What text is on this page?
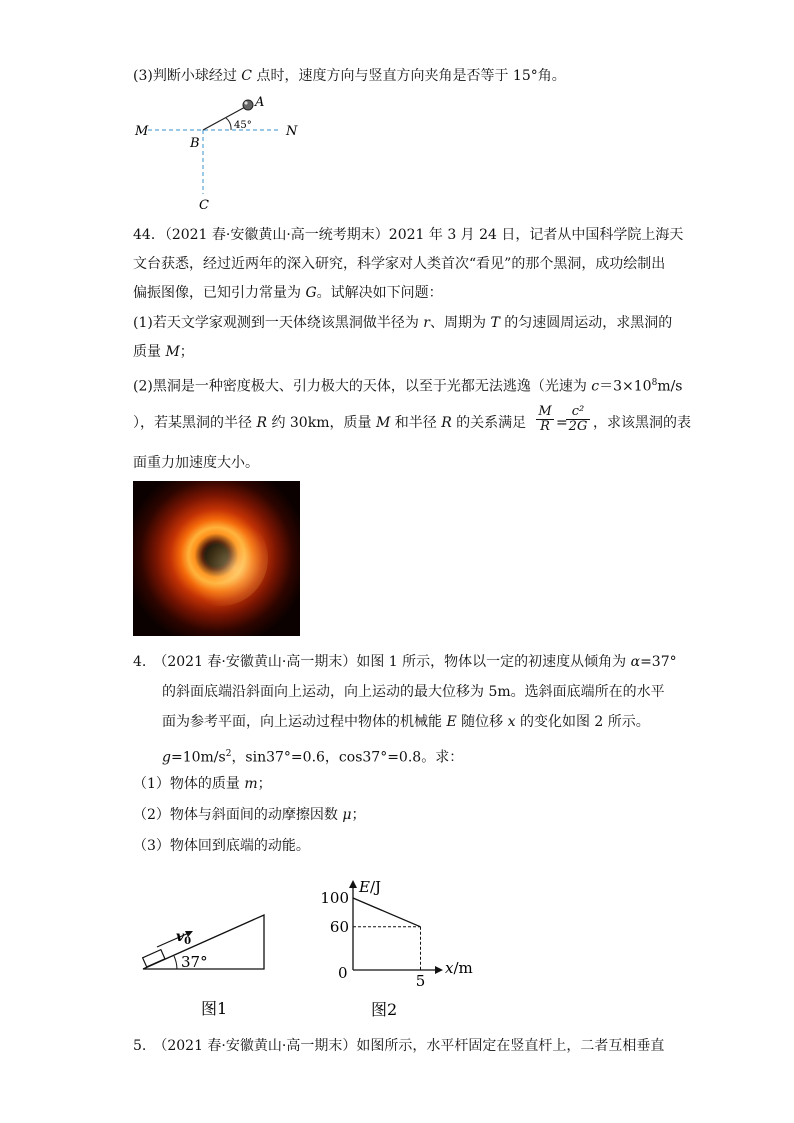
(3)判断小球经过 C 点时，速度方向与竖直方向夹角是否等于 15°角。
M	N
B
A
45°
C
44．（2021 春·安徽黄山·高一统考期末）2021 年 3 月 24 日，记者从中国科学院上海天
文台获悉，经过近两年的深入研究，科学家对人类首次“看见”的那个黑洞，成功绘制出
偏振图像，已知引力常量为 G。试解决如下问题：
(1)若天文学家观测到一天体绕该黑洞做半径为 r、周期为 T 的匀速圆周运动，求黑洞的
质量 M；
(2)黑洞是一种密度极大、引力极大的天体，以至于光都无法逃逸（光速为 $c=3\times 10^8m/s$
），若某黑洞的半径 R 约 30km，质量 M 和半径 R 的关系满足 $\frac{M}{R}$ =
$\frac{\text{c²}}{2G}$ ，求该黑洞的表
面重力加速度大小。
4.　（2021 春·安徽黄山·高一期末）如图 1 所示，物体以一定的初速度从倾角为 α=37°
的斜面底端沿斜面向上运动，向上运动的最大位移为 5m。选斜面底端所在的水平
面为参考平面，向上运动过程中物体的机械能 E 随位移 x 的变化如图 2 所示。
$g=10m/s^2$，sin37°=0.6，cos37°=0.8。求：
（1）物体的质量 m；
（2）物体与斜面间的动摩擦因数 μ；
（3）物体回到底端的动能。
$v_0$
37°
图1
60
100
5
E/J
x/m
0
图2
5.　（2021 春·安徽黄山·高一期末）如图所示，水平杆固定在竖直杆上，二者互相垂直
